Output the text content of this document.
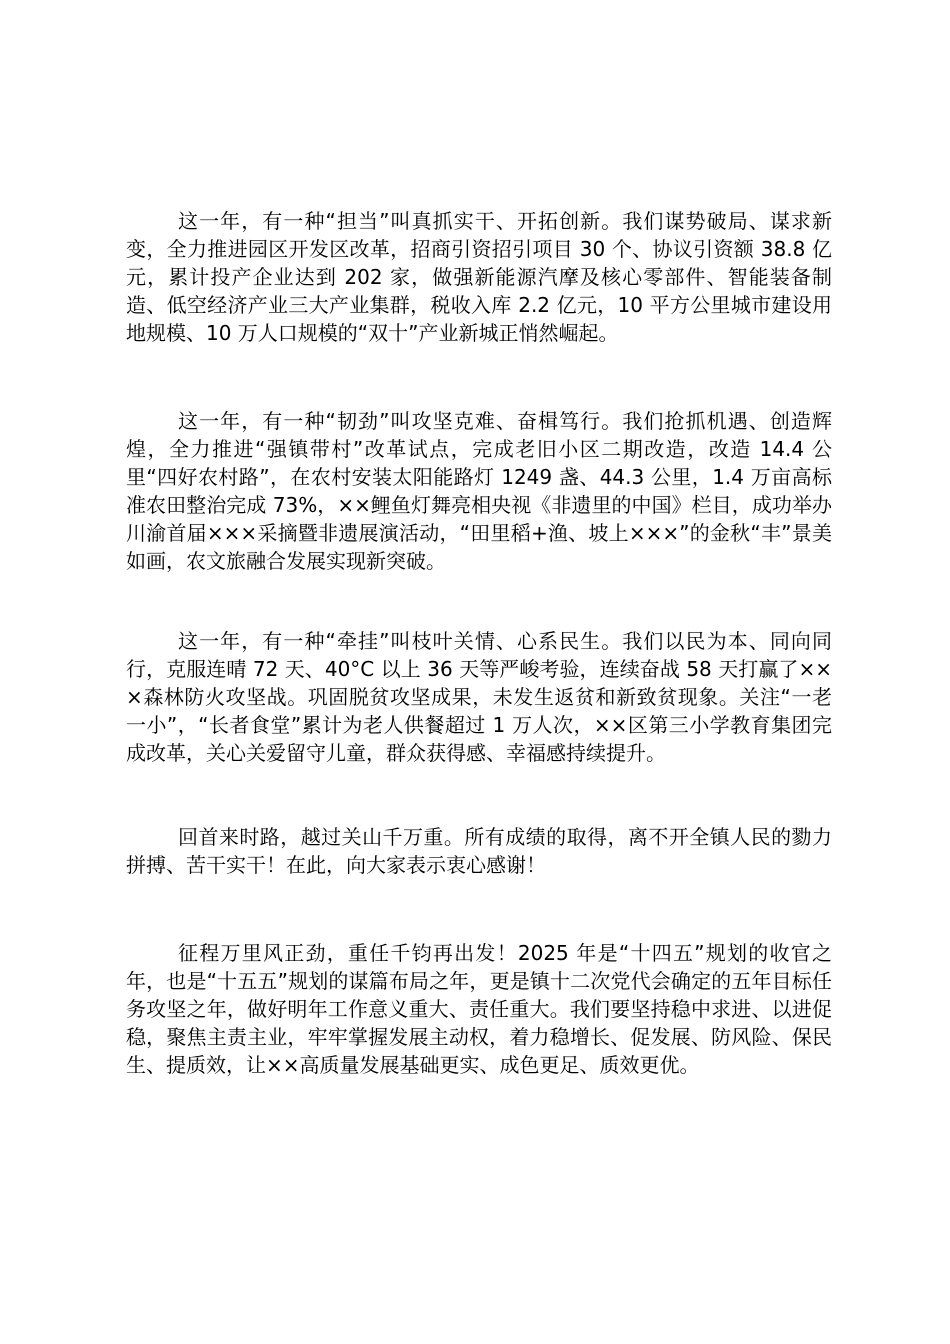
这一年，有一种“担当”叫真抓实干、开拓创新。我们谋势破局、谋求新变，全力推进园区开发区改革，招商引资招引项目 30 个、协议引资额 38.8 亿元，累计投产企业达到 202 家，做强新能源汽摩及核心零部件、智能装备制造、低空经济产业三大产业集群，税收入库 2.2 亿元，10 平方公里城市建设用地规模、10 万人口规模的“双十”产业新城正悄然崛起。

这一年，有一种“韧劲”叫攻坚克难、奋楫笃行。我们抢抓机遇、创造辉煌，全力推进“强镇带村”改革试点，完成老旧小区二期改造，改造 14.4 公里“四好农村路”，在农村安装太阳能路灯 1249 盏、44.3 公里，1.4 万亩高标准农田整治完成 73%，××鲤鱼灯舞亮相央视《非遗里的中国》栏目，成功举办川渝首届×××采摘暨非遗展演活动，“田里稻+渔、坡上×××”的金秋“丰”景美如画，农文旅融合发展实现新突破。

这一年，有一种“牵挂”叫枝叶关情、心系民生。我们以民为本、同向同行，克服连晴 72 天、40°C 以上 36 天等严峻考验，连续奋战 58 天打赢了×××森林防火攻坚战。巩固脱贫攻坚成果，未发生返贫和新致贫现象。关注“一老一小”，“长者食堂”累计为老人供餐超过 1 万人次，××区第三小学教育集团完成改革，关心关爱留守儿童，群众获得感、幸福感持续提升。

回首来时路，越过关山千万重。所有成绩的取得，离不开全镇人民的勠力拼搏、苦干实干！在此，向大家表示衷心感谢！

征程万里风正劲，重任千钧再出发！2025 年是“十四五”规划的收官之年，也是“十五五”规划的谋篇布局之年，更是镇十二次党代会确定的五年目标任务攻坚之年，做好明年工作意义重大、责任重大。我们要坚持稳中求进、以进促稳，聚焦主责主业，牢牢掌握发展主动权，着力稳增长、促发展、防风险、保民生、提质效，让××高质量发展基础更实、成色更足、质效更优。
